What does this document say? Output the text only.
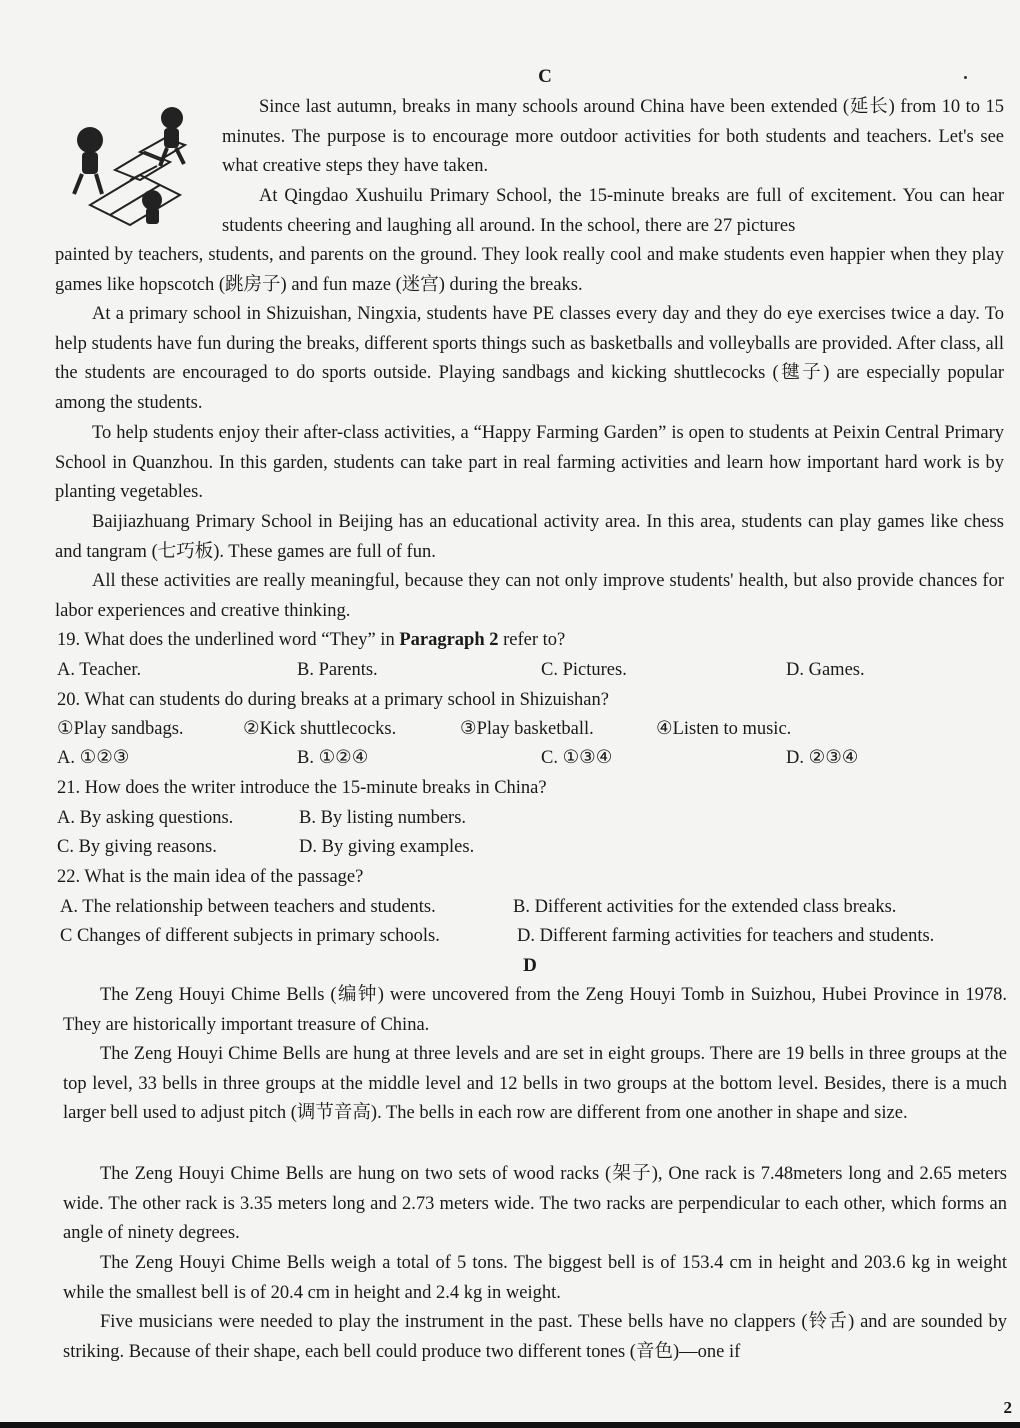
C

Since last autumn, breaks in many schools around China have been extended (延长) from 10 to 15 minutes. The purpose is to encourage more outdoor activities for both students and teachers. Let's see what creative steps they have taken.

At Qingdao Xushuilu Primary School, the 15-minute breaks are full of excitement. You can hear students cheering and laughing all around. In the school, there are 27 pictures

painted by teachers, students, and parents on the ground. They look really cool and make students even happier when they play games like hopscotch (跳房子) and fun maze (迷宫) during the breaks.

At a primary school in Shizuishan, Ningxia, students have PE classes every day and they do eye exercises twice a day. To help students have fun during the breaks, different sports things such as basketballs and volleyballs are provided. After class, all the students are encouraged to do sports outside. Playing sandbags and kicking shuttlecocks (毽子) are especially popular among the students.

To help students enjoy their after-class activities, a “Happy Farming Garden” is open to students at Peixin Central Primary School in Quanzhou. In this garden, students can take part in real farming activities and learn how important hard work is by planting vegetables.

Baijiazhuang Primary School in Beijing has an educational activity area. In this area, students can play games like chess and tangram (七巧板). These games are full of fun.

All these activities are really meaningful, because they can not only improve students' health, but also provide chances for labor experiences and creative thinking.

19. What does the underlined word “They” in Paragraph 2 refer to?
A. Teacher.	B. Parents.	C. Pictures.	D. Games.
20. What can students do during breaks at a primary school in Shizuishan?
①Play sandbags.	②Kick shuttlecocks.	③Play basketball.	④Listen to music.
A. ①②③	B. ①②④	C. ①③④	D. ②③④
21. How does the writer introduce the 15-minute breaks in China?
A. By asking questions.	B. By listing numbers.
C. By giving reasons.	D. By giving examples.
22. What is the main idea of the passage?
A. The relationship between teachers and students.	B. Different activities for the extended class breaks.
C Changes of different subjects in primary schools.	D. Different farming activities for teachers and students.
D

The Zeng Houyi Chime Bells (编钟) were uncovered from the Zeng Houyi Tomb in Suizhou, Hubei Province in 1978. They are historically important treasure of China.

The Zeng Houyi Chime Bells are hung at three levels and are set in eight groups. There are 19 bells in three groups at the top level, 33 bells in three groups at the middle level and 12 bells in two groups at the bottom level. Besides, there is a much larger bell used to adjust pitch (调节音高). The bells in each row are different from one another in shape and size.

The Zeng Houyi Chime Bells are hung on two sets of wood racks (架子), One rack is 7.48meters long and 2.65 meters wide. The other rack is 3.35 meters long and 2.73 meters wide. The two racks are perpendicular to each other, which forms an angle of ninety degrees.

The Zeng Houyi Chime Bells weigh a total of 5 tons. The biggest bell is of 153.4 cm in height and 203.6 kg in weight while the smallest bell is of 20.4 cm in height and 2.4 kg in weight.

Five musicians were needed to play the instrument in the past. These bells have no clappers (铃舌) and are sounded by striking. Because of their shape, each bell could produce two different tones (音色)—one if

2
